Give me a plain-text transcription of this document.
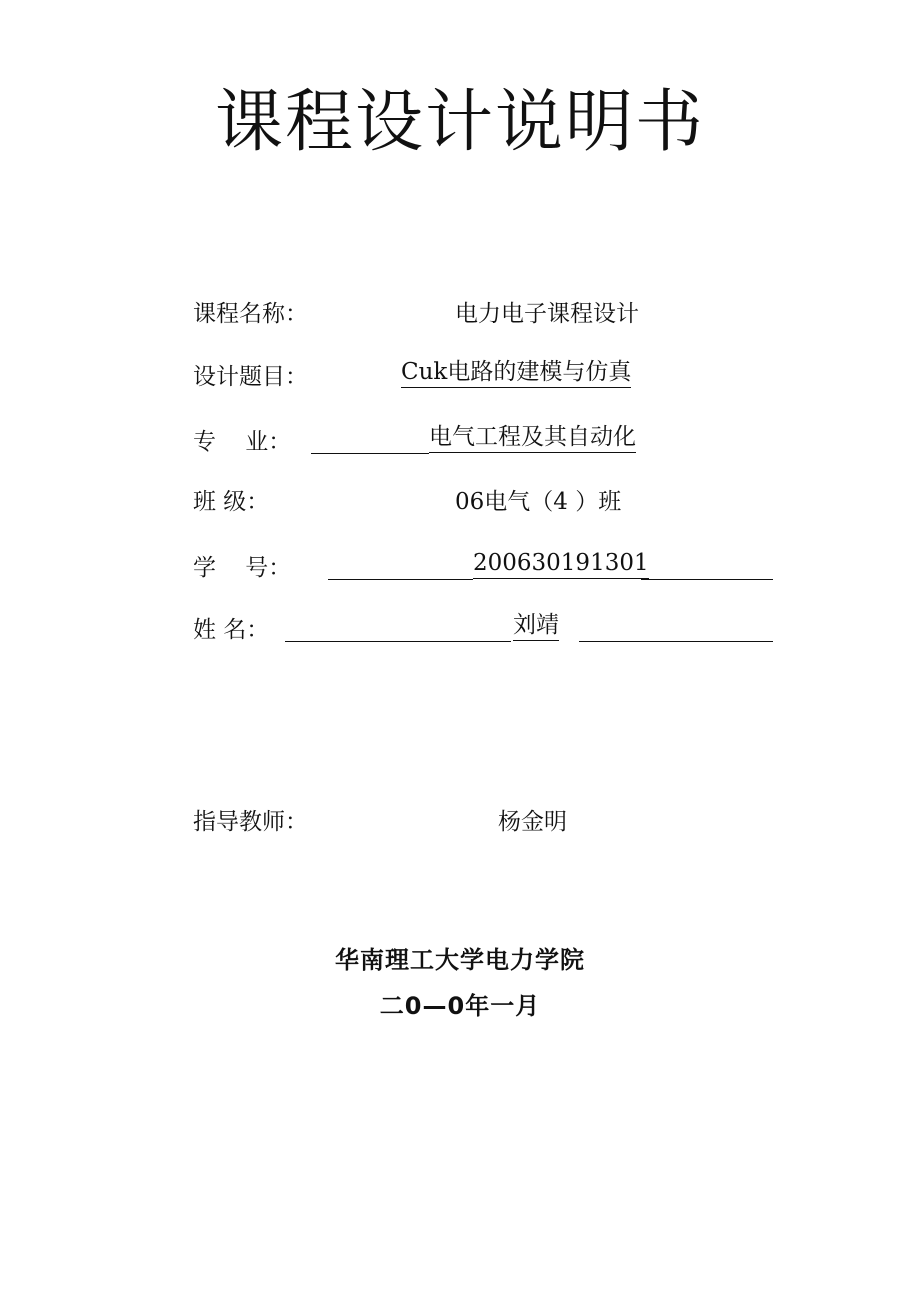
课程设计说明书
课程名称：	电力电子课程设计
设计题目：	Cuk电路的建模与仿真
专    业：	电气工程及其自动化
班 级：	06电气（4 ）班
学    号：	200630191301
姓 名：	刘靖
指导教师：	杨金明
华南理工大学电力学院
二0—0年一月
